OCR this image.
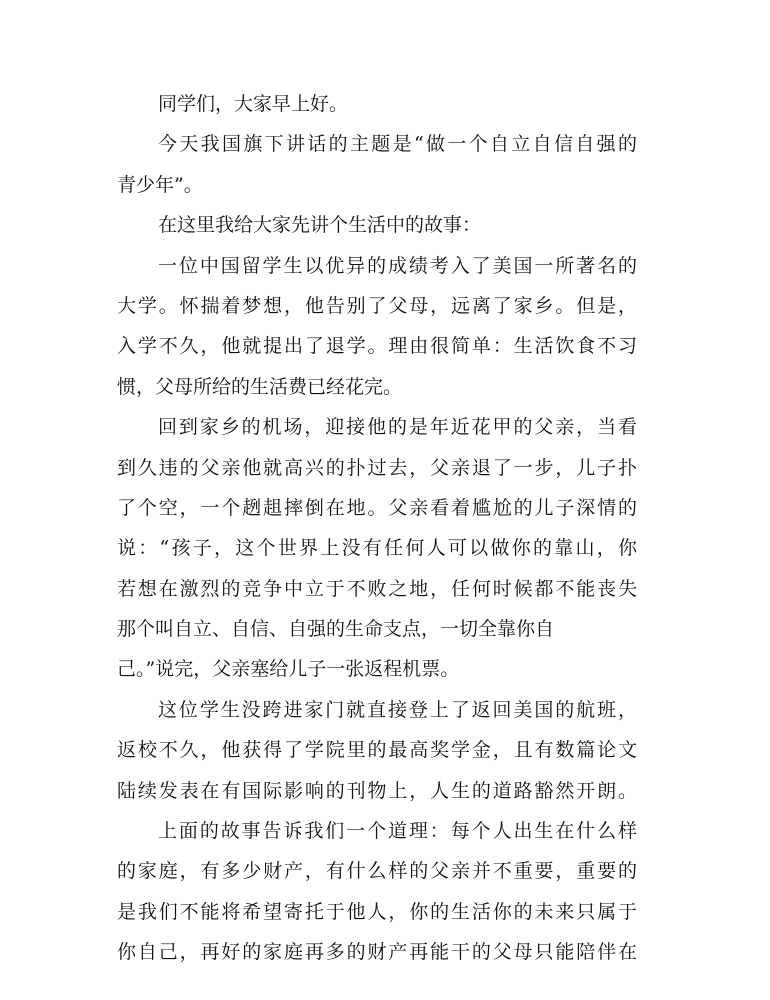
同学们，大家早上好。
今天我国旗下讲话的主题是“做一个自立自信自强的
青少年”。
在这里我给大家先讲个生活中的故事：
一位中国留学生以优异的成绩考入了美国一所著名的
大学。怀揣着梦想，他告别了父母，远离了家乡。但是，
入学不久，他就提出了退学。理由很简单：生活饮食不习
惯，父母所给的生活费已经花完。
回到家乡的机场，迎接他的是年近花甲的父亲，当看
到久违的父亲他就高兴的扑过去，父亲退了一步，儿子扑
了个空，一个趔趄摔倒在地。父亲看着尴尬的儿子深情的
说：“孩子，这个世界上没有任何人可以做你的靠山，你
若想在激烈的竞争中立于不败之地，任何时候都不能丧失
那个叫自立、自信、自强的生命支点，一切全靠你自
己。”说完，父亲塞给儿子一张返程机票。
这位学生没跨进家门就直接登上了返回美国的航班，
返校不久，他获得了学院里的最高奖学金，且有数篇论文
陆续发表在有国际影响的刊物上，人生的道路豁然开朗。
上面的故事告诉我们一个道理：每个人出生在什么样
的家庭，有多少财产，有什么样的父亲并不重要，重要的
是我们不能将希望寄托于他人，你的生活你的未来只属于
你自己，再好的家庭再多的财产再能干的父母只能陪伴在
